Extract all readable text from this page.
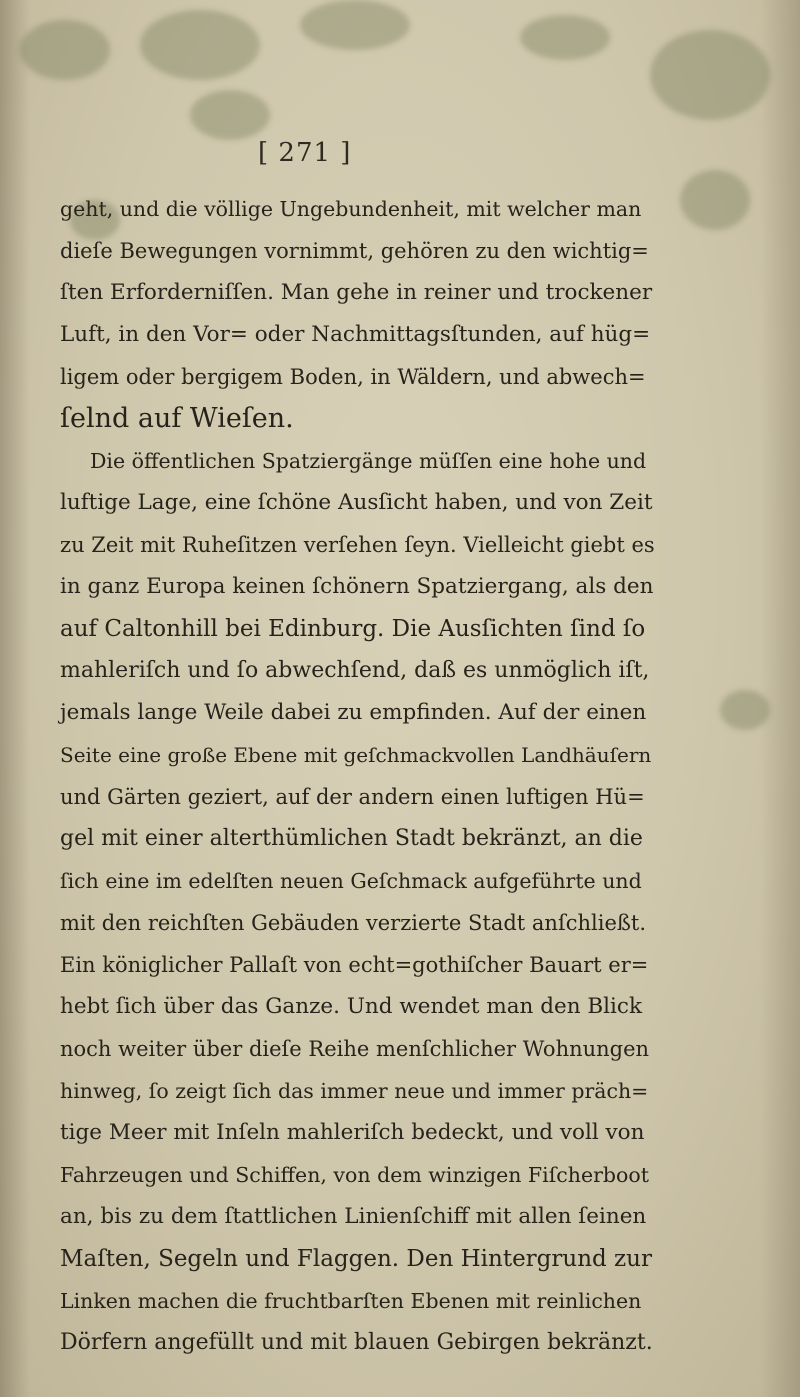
[ 271 ]
geht, und die völlige Ungebundenheit, mit welcher man
dieſe Bewegungen vornimmt, gehören zu den wichtig=
ſten Erforderniſſen. Man gehe in reiner und trockener
Luft, in den Vor= oder Nachmittagsſtunden, auf hüg=
ligem oder bergigem Boden, in Wäldern, und abwech=
ſelnd auf Wieſen.
Die öffentlichen Spatziergänge müſſen eine hohe und
luftige Lage, eine ſchöne Ausſicht haben, und von Zeit
zu Zeit mit Ruheſitzen verſehen ſeyn. Vielleicht giebt es
in ganz Europa keinen ſchönern Spatziergang, als den
auf Caltonhill bei Edinburg. Die Ausſichten ſind ſo
mahleriſch und ſo abwechſend, daß es unmöglich iſt,
jemals lange Weile dabei zu empfinden. Auf der einen
Seite eine große Ebene mit geſchmackvollen Landhäuſern
und Gärten geziert, auf der andern einen luftigen Hü=
gel mit einer alterthümlichen Stadt bekränzt, an die
ſich eine im edelſten neuen Geſchmack aufgeführte und
mit den reichſten Gebäuden verzierte Stadt anſchließt.
Ein königlicher Pallaſt von echt=gothiſcher Bauart er=
hebt ſich über das Ganze. Und wendet man den Blick
noch weiter über dieſe Reihe menſchlicher Wohnungen
hinweg, ſo zeigt ſich das immer neue und immer präch=
tige Meer mit Inſeln mahleriſch bedeckt, und voll von
Fahrzeugen und Schiffen, von dem winzigen Fiſcherboot
an, bis zu dem ſtattlichen Linienſchiff mit allen ſeinen
Maſten, Segeln und Flaggen. Den Hintergrund zur
Linken machen die fruchtbarſten Ebenen mit reinlichen
Dörfern angefüllt und mit blauen Gebirgen bekränzt.
